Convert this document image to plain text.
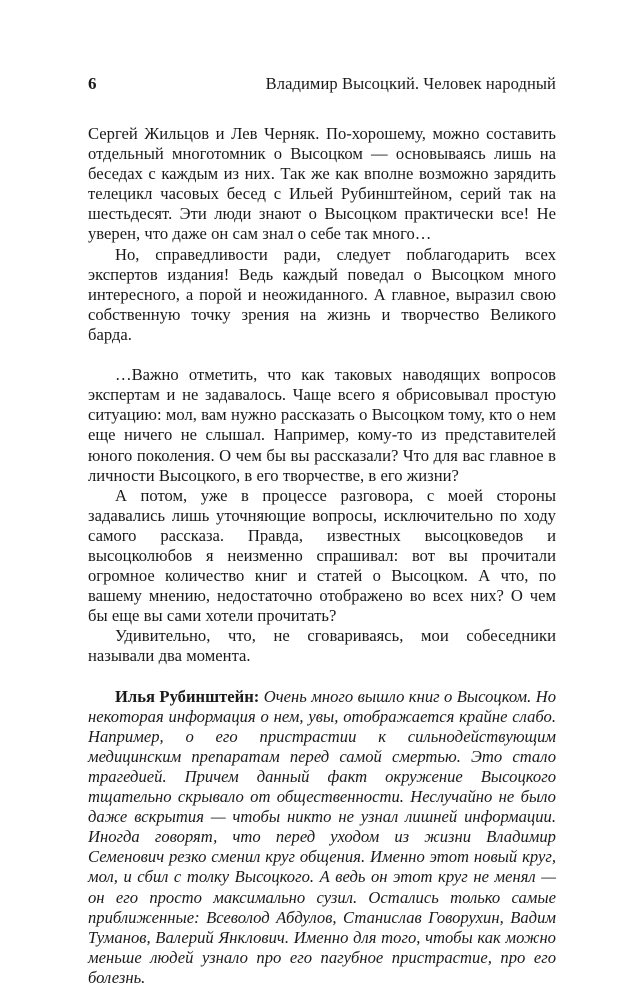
6	Владимир Высоцкий. Человек народный

Сергей Жильцов и Лев Черняк. По-хорошему, можно составить отдельный многотомник о Высоцком — основываясь лишь на беседах с каждым из них. Так же как вполне возможно зарядить телецикл часовых бесед с Ильей Рубинштейном, серий так на шестьдесят. Эти люди знают о Высоцком практически все! Не уверен, что даже он сам знал о себе так много…

Но, справедливости ради, следует поблагодарить всех экспертов издания! Ведь каждый поведал о Высоцком много интересного, а порой и неожиданного. А главное, выразил свою собственную точку зрения на жизнь и творчество Великого барда.

…Важно отметить, что как таковых наводящих вопросов экспертам и не задавалось. Чаще всего я обрисовывал простую ситуацию: мол, вам нужно рассказать о Высоцком тому, кто о нем еще ничего не слышал. Например, кому-то из представителей юного поколения. О чем бы вы рассказали? Что для вас главное в личности Высоцкого, в его творчестве, в его жизни?

А потом, уже в процессе разговора, с моей стороны задавались лишь уточняющие вопросы, исключительно по ходу самого рассказа. Правда, известных высоцковедов и высоцколюбов я неизменно спрашивал: вот вы прочитали огромное количество книг и статей о Высоцком. А что, по вашему мнению, недостаточно отображено во всех них? О чем бы еще вы сами хотели прочитать?

Удивительно, что, не сговариваясь, мои собеседники называли два момента.

Илья Рубинштейн: Очень много вышло книг о Высоцком. Но некоторая информация о нем, увы, отображается крайне слабо. Например, о его пристрастии к сильнодействующим медицинским препаратам перед самой смертью. Это стало трагедией. Причем данный факт окружение Высоцкого тщательно скрывало от общественности. Неслучайно не было даже вскрытия — чтобы никто не узнал лишней информации. Иногда говорят, что перед уходом из жизни Владимир Семенович резко сменил круг общения. Именно этот новый круг, мол, и сбил с толку Высоцкого. А ведь он этот круг не менял — он его просто максимально сузил. Остались только самые приближенные: Всеволод Абдулов, Станислав Говорухин, Вадим Туманов, Валерий Янклович. Именно для того, чтобы как можно меньше людей узнало про его пагубное пристрастие, про его болезнь.
